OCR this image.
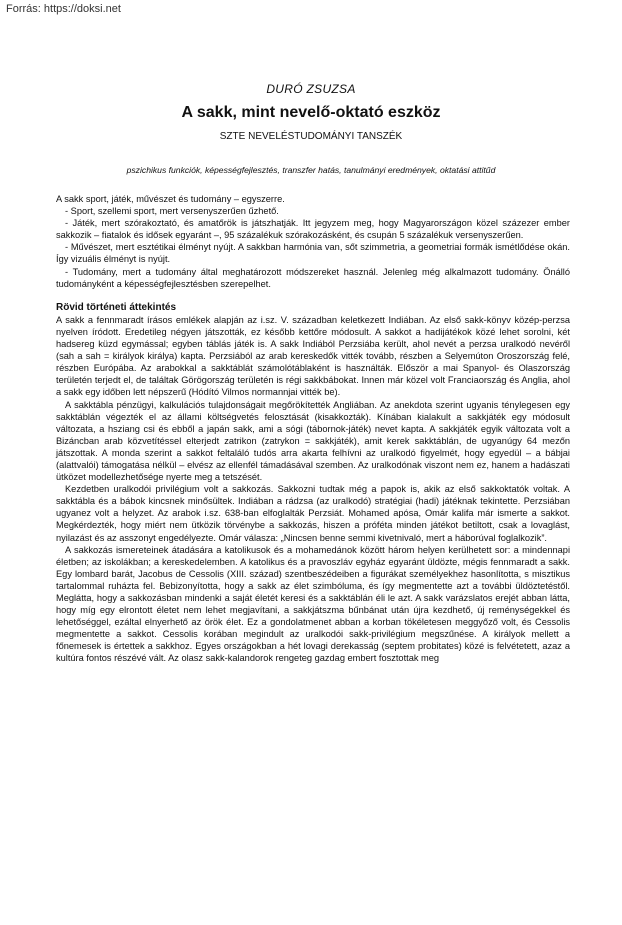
Forrás: https://doksi.net
DURÓ ZSUZSA
A sakk, mint nevelő-oktató eszköz
SZTE NEVELÉSTUDOMÁNYI TANSZÉK
pszichikus funkciók, képességfejlesztés, transzfer hatás, tanulmányi eredmények, oktatási attitűd

A sakk sport, játék, művészet és tudomány – egyszerre.

- Sport, szellemi sport, mert versenyszerűen űzhető.

- Játék, mert szórakoztató, és amatőrök is játszhatják. Itt jegyzem meg, hogy Magyarországon közel százezer ember sakkozik – fiatalok és idősek egyaránt –, 95 százalékuk szórakozásként, és csupán 5 százalékuk versenyszerűen.

- Művészet, mert esztétikai élményt nyújt. A sakkban harmónia van, sőt szimmetria, a geometriai formák ismétlődése okán. Így vizuális élményt is nyújt.

- Tudomány, mert a tudomány által meghatározott módszereket használ. Jelenleg még alkalmazott tudomány. Önálló tudományként a képességfejlesztésben szerepelhet.

Rövid történeti áttekintés

A sakk a fennmaradt írásos emlékek alapján az i.sz. V. században keletkezett Indiában. Az első sakk-könyv közép-perzsa nyelven íródott. Eredetileg négyen játszották, ez később kettőre módosult. A sakkot a hadijátékok közé lehet sorolni, két hadsereg küzd egymással; egyben táblás játék is. A sakk Indiából Perzsiába került, ahol nevét a perzsa uralkodó nevéről (sah a sah = királyok királya) kapta. Perzsiából az arab kereskedők vitték tovább, részben a Selyemúton Oroszország felé, részben Európába. Az arabokkal a sakktáblát számolótáblaként is használták. Először a mai Spanyol- és Olaszország területén terjedt el, de találtak Görögország területén is régi sakkbábokat. Innen már közel volt Franciaország és Anglia, ahol a sakk egy időben lett népszerű (Hódító Vilmos normannjai vitték be).

A sakktábla pénzügyi, kalkulációs tulajdonságait megőrökítették Angliában. Az anekdota szerint ugyanis ténylegesen egy sakktáblán végezték el az állami költségvetés felosztását (kisakkozták). Kínában kialakult a sakkjáték egy módosult változata, a hsziang csi és ebből a japán sakk, ami a sógi (tábornok-játék) nevet kapta. A sakkjáték egyik változata volt a Bizáncban arab közvetítéssel elterjedt zatrikon (zatrykon = sakkjáték), amit kerek sakktáblán, de ugyanúgy 64 mezőn játszottak. A monda szerint a sakkot feltaláló tudós arra akarta felhívni az uralkodó figyelmét, hogy egyedül – a bábjai (alattvalói) támogatása nélkül – elvész az ellenfél támadásával szemben. Az uralkodónak viszont nem ez, hanem a hadászati ütközet modellezhetősége nyerte meg a tetszését.

Kezdetben uralkodói privilégium volt a sakkozás. Sakkozni tudtak még a papok is, akik az első sakkoktatók voltak. A sakktábla és a bábok kincsnek minősültek. Indiában a rádzsa (az uralkodó) stratégiai (hadi) játéknak tekintette. Perzsiában ugyanez volt a helyzet. Az arabok i.sz. 638-ban elfoglalták Perzsiát. Mohamed apósa, Omár kalifa már ismerte a sakkot. Megkérdezték, hogy miért nem ütközik törvénybe a sakkozás, hiszen a prófétа minden játékot betiltott, csak a lovaglást, nyilazást és az asszonyt engedélyezte. Omár válasza: „Nincsen benne semmi kivetnivaló, mert a háborúval foglalkozik”.

A sakkozás ismereteinek átadására a katolikusok és a mohamedánok között három helyen kerülhetett sor: a mindennapi életben; az iskolákban; a kereskedelemben. A katolikus és a pravoszláv egyház egyaránt üldözte, mégis fennmaradt a sakk. Egy lombard barát, Jacobus de Cessolis (XIII. század) szentbeszédeiben a figurákat személyekhez hasonlította, s misztikus tartalommal ruházta fel. Bebizonyította, hogy a sakk az élet szimbóluma, és így megmentette azt a további üldöztetéstől. Meglátta, hogy a sakkozásban mindenki a saját életét keresi és a sakktáblán éli le azt. A sakk varázslatos erejét abban látta, hogy míg egy elrontott életet nem lehet megjavítani, a sakkjátszma bűnbánat után újra kezdhető, új reménységekkel és lehetőséggel, ezáltal elnyerhető az örök élet. Ez a gondolatmenet abban a korban tökéletesen meggyőző volt, és Cessolis megmentette a sakkot. Cessolis korában megindult az uralkodói sakk-privilégium megszűnése. A királyok mellett a főnemesek is értettek a sakkhoz. Egyes országokban a hét lovagi derekasság (septem probitates) közé is felvétetett, azaz a kultúra fontos részévé vált. Az olasz sakk-kalandorok rengeteg gazdag embert fosztottak meg
